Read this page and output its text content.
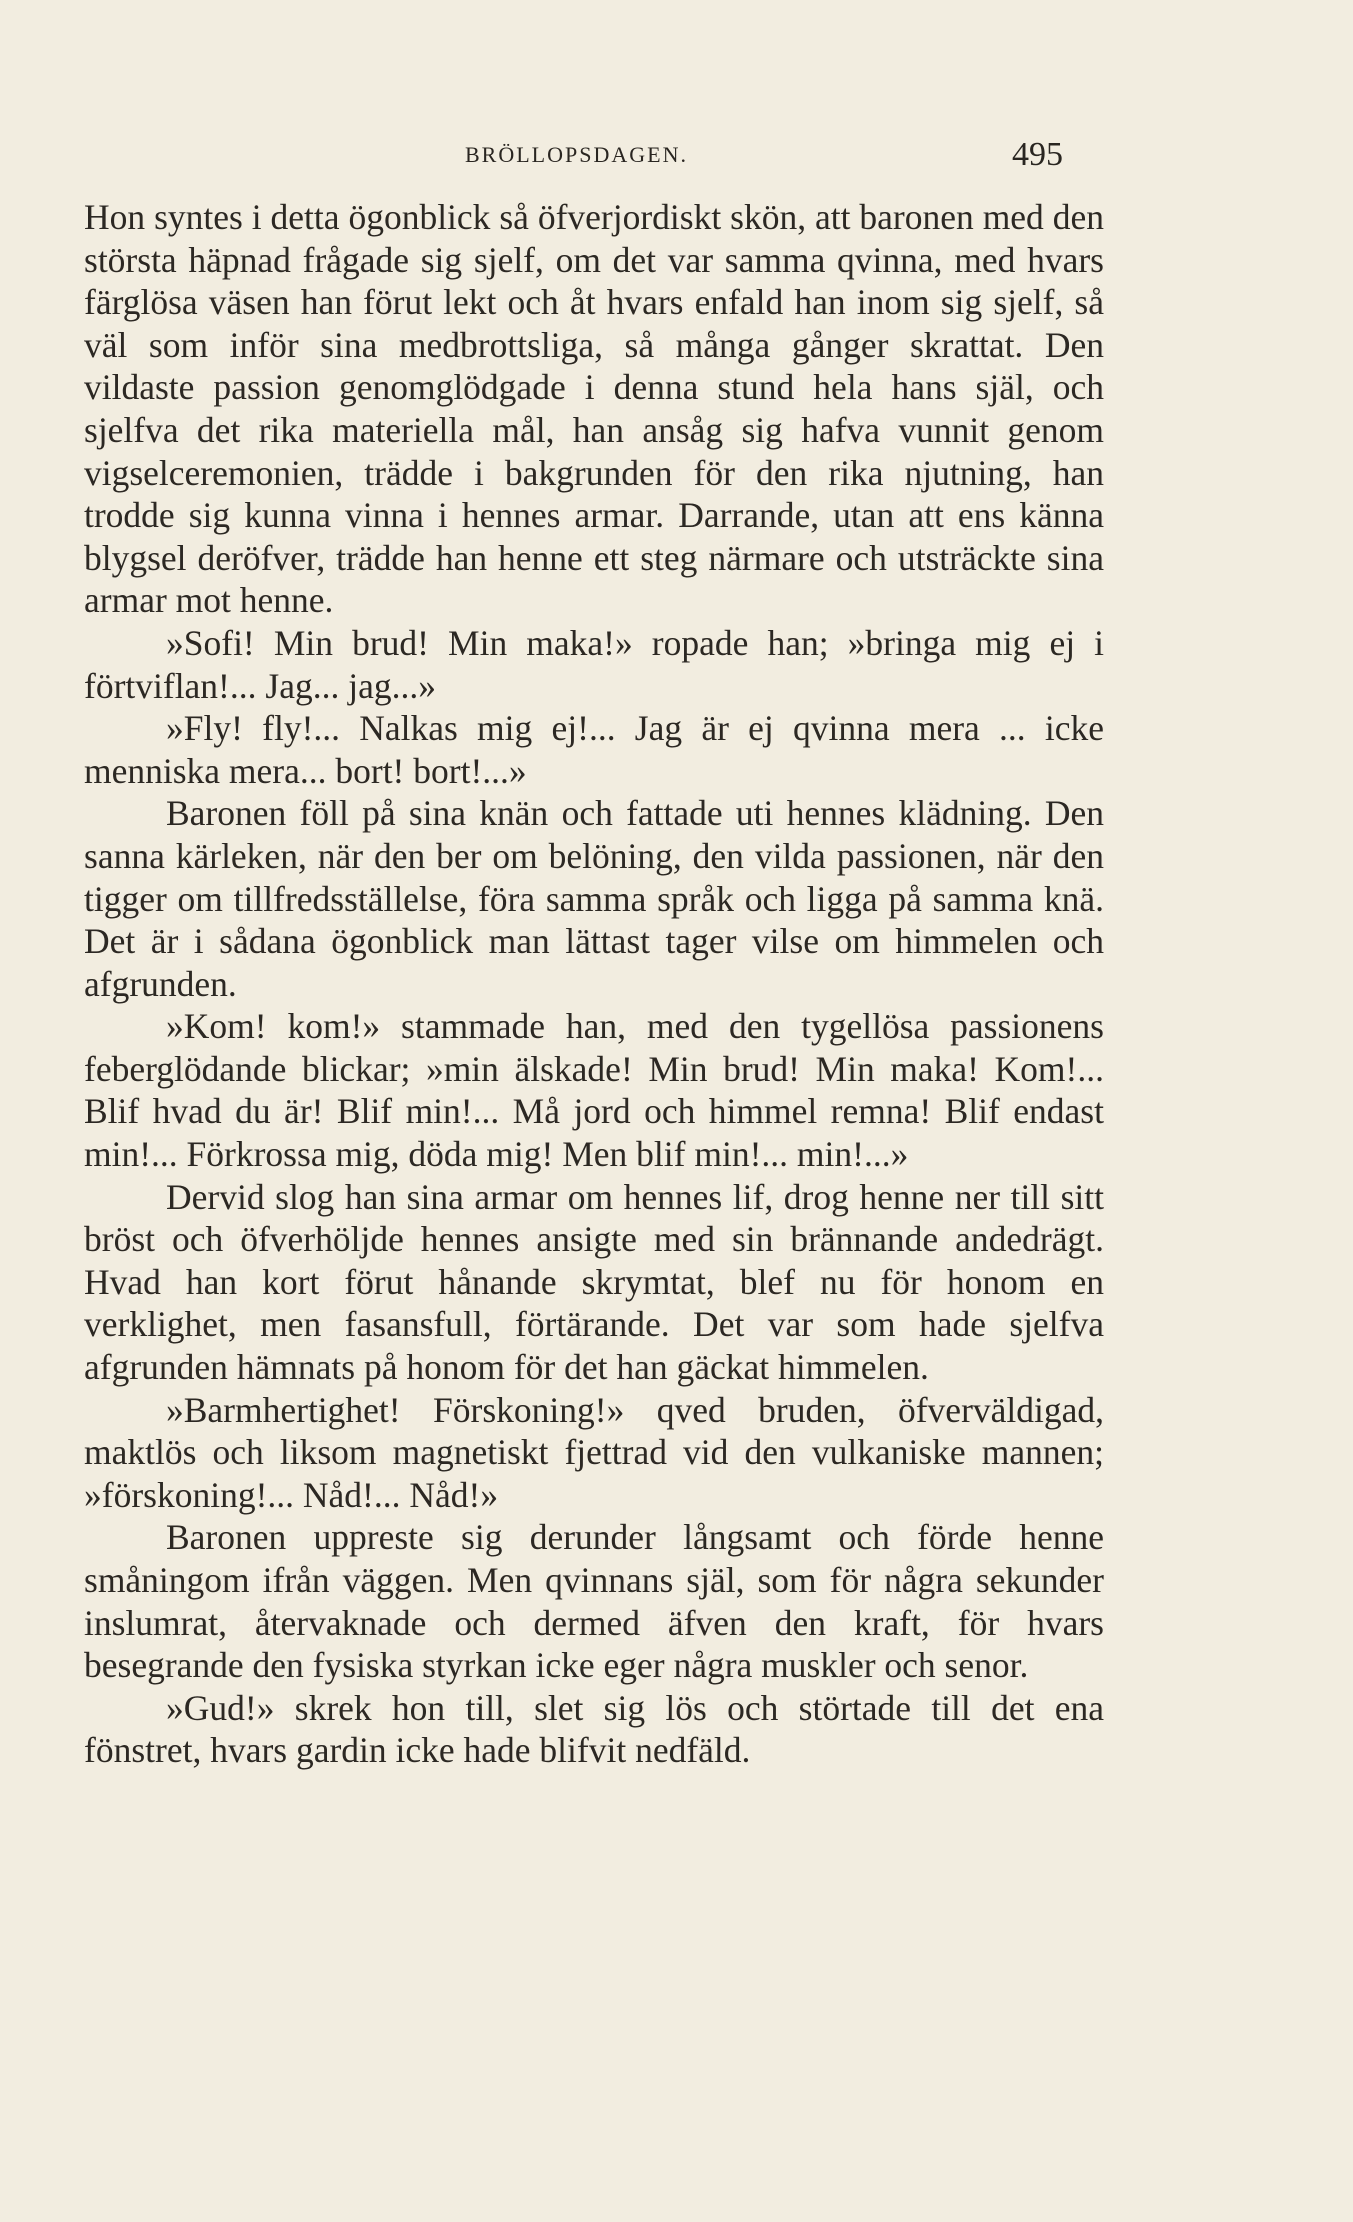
BRÖLLOPSDAGEN.	495

Hon syntes i detta ögonblick så öfverjordiskt skön, att baronen med den största häpnad frågade sig sjelf, om det var samma qvinna, med hvars färglösa väsen han förut lekt och åt hvars enfald han inom sig sjelf, så väl som inför sina medbrottsliga, så många gånger skrattat. Den vildaste passion genomglödgade i denna stund hela hans själ, och sjelfva det rika materiella mål, han ansåg sig hafva vunnit genom vigselceremonien, trädde i bakgrunden för den rika njutning, han trodde sig kunna vinna i hennes armar. Darrande, utan att ens känna blygsel deröfver, trädde han henne ett steg närmare och utsträckte sina armar mot henne.

»Sofi! Min brud! Min maka!» ropade han; »bringa mig ej i förtviflan!... Jag... jag...»

»Fly! fly!... Nalkas mig ej!... Jag är ej qvinna mera ... icke menniska mera... bort! bort!...»

Baronen föll på sina knän och fattade uti hennes klädning. Den sanna kärleken, när den ber om belöning, den vilda passionen, när den tigger om tillfredsställelse, föra samma språk och ligga på samma knä. Det är i sådana ögonblick man lättast tager vilse om himmelen och afgrunden.

»Kom! kom!» stammade han, med den tygellösa passionens feberglödande blickar; »min älskade! Min brud! Min maka! Kom!... Blif hvad du är! Blif min!... Må jord och himmel remna! Blif endast min!... Förkrossa mig, döda mig! Men blif min!... min!...»

Dervid slog han sina armar om hennes lif, drog henne ner till sitt bröst och öfverhöljde hennes ansigte med sin brännande andedrägt. Hvad han kort förut hånande skrymtat, blef nu för honom en verklighet, men fasansfull, förtärande. Det var som hade sjelfva afgrunden hämnats på honom för det han gäckat himmelen.

»Barmhertighet! Förskoning!» qved bruden, öfverväldigad, maktlös och liksom magnetiskt fjettrad vid den vulkaniske mannen; »förskoning!... Nåd!... Nåd!»

Baronen uppreste sig derunder långsamt och förde henne småningom ifrån väggen. Men qvinnans själ, som för några sekunder inslumrat, återvaknade och dermed äfven den kraft, för hvars besegrande den fysiska styrkan icke eger några muskler och senor.

»Gud!» skrek hon till, slet sig lös och störtade till det ena fönstret, hvars gardin icke hade blifvit nedfäld.
